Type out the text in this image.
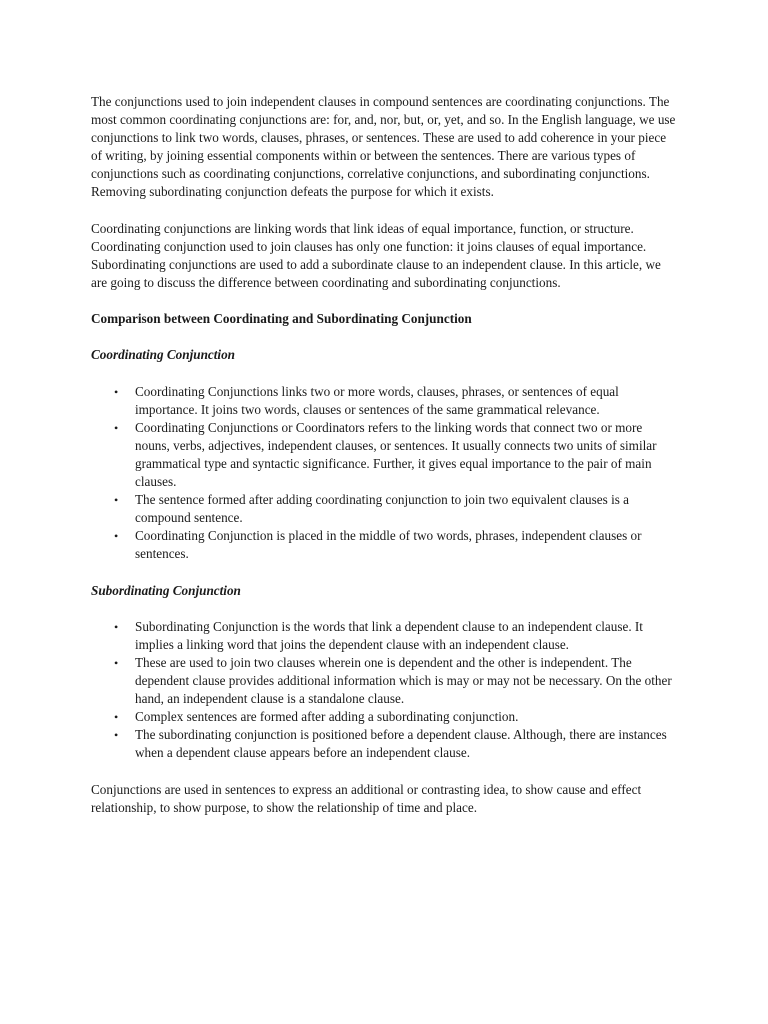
The conjunctions used to join independent clauses in compound sentences are coordinating conjunctions. The most common coordinating conjunctions are: for, and, nor, but, or, yet, and so. In the English language, we use conjunctions to link two words, clauses, phrases, or sentences. These are used to add coherence in your piece of writing, by joining essential components within or between the sentences. There are various types of conjunctions such as coordinating conjunctions, correlative conjunctions, and subordinating conjunctions. Removing subordinating conjunction defeats the purpose for which it exists.

Coordinating conjunctions are linking words that link ideas of equal importance, function, or structure. Coordinating conjunction used to join clauses has only one function: it joins clauses of equal importance. Subordinating conjunctions are used to add a subordinate clause to an independent clause. In this article, we are going to discuss the difference between coordinating and subordinating conjunctions.

Comparison between Coordinating and Subordinating Conjunction

Coordinating Conjunction

• Coordinating Conjunctions links two or more words, clauses, phrases, or sentences of equal importance. It joins two words, clauses or sentences of the same grammatical relevance.
• Coordinating Conjunctions or Coordinators refers to the linking words that connect two or more nouns, verbs, adjectives, independent clauses, or sentences. It usually connects two units of similar grammatical type and syntactic significance. Further, it gives equal importance to the pair of main clauses.
• The sentence formed after adding coordinating conjunction to join two equivalent clauses is a compound sentence.
• Coordinating Conjunction is placed in the middle of two words, phrases, independent clauses or sentences.

Subordinating Conjunction

• Subordinating Conjunction is the words that link a dependent clause to an independent clause. It implies a linking word that joins the dependent clause with an independent clause.
• These are used to join two clauses wherein one is dependent and the other is independent. The dependent clause provides additional information which is may or may not be necessary. On the other hand, an independent clause is a standalone clause.
• Complex sentences are formed after adding a subordinating conjunction.
• The subordinating conjunction is positioned before a dependent clause. Although, there are instances when a dependent clause appears before an independent clause.

Conjunctions are used in sentences to express an additional or contrasting idea, to show cause and effect relationship, to show purpose, to show the relationship of time and place.
